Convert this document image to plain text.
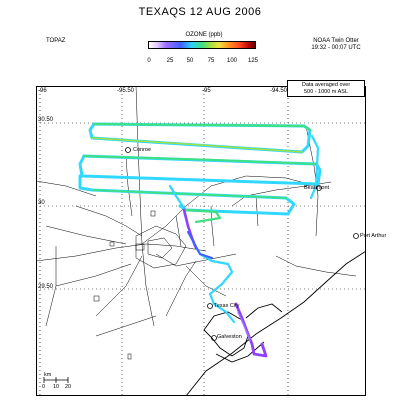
TEXAQS 12 AUG 2006
TOPAZ
OZONE (ppb)
0	25 50 75 100 125
NOAA Twin Otter
19:32 - 00:07 UTC
-96	-95.50	-95	-94.50
30.50
30
29.50
Data averaged over
500 - 1000 m ASL
Conroe
Beaumont
Port Arthur
Texas City
Galveston
km
0 10 20
